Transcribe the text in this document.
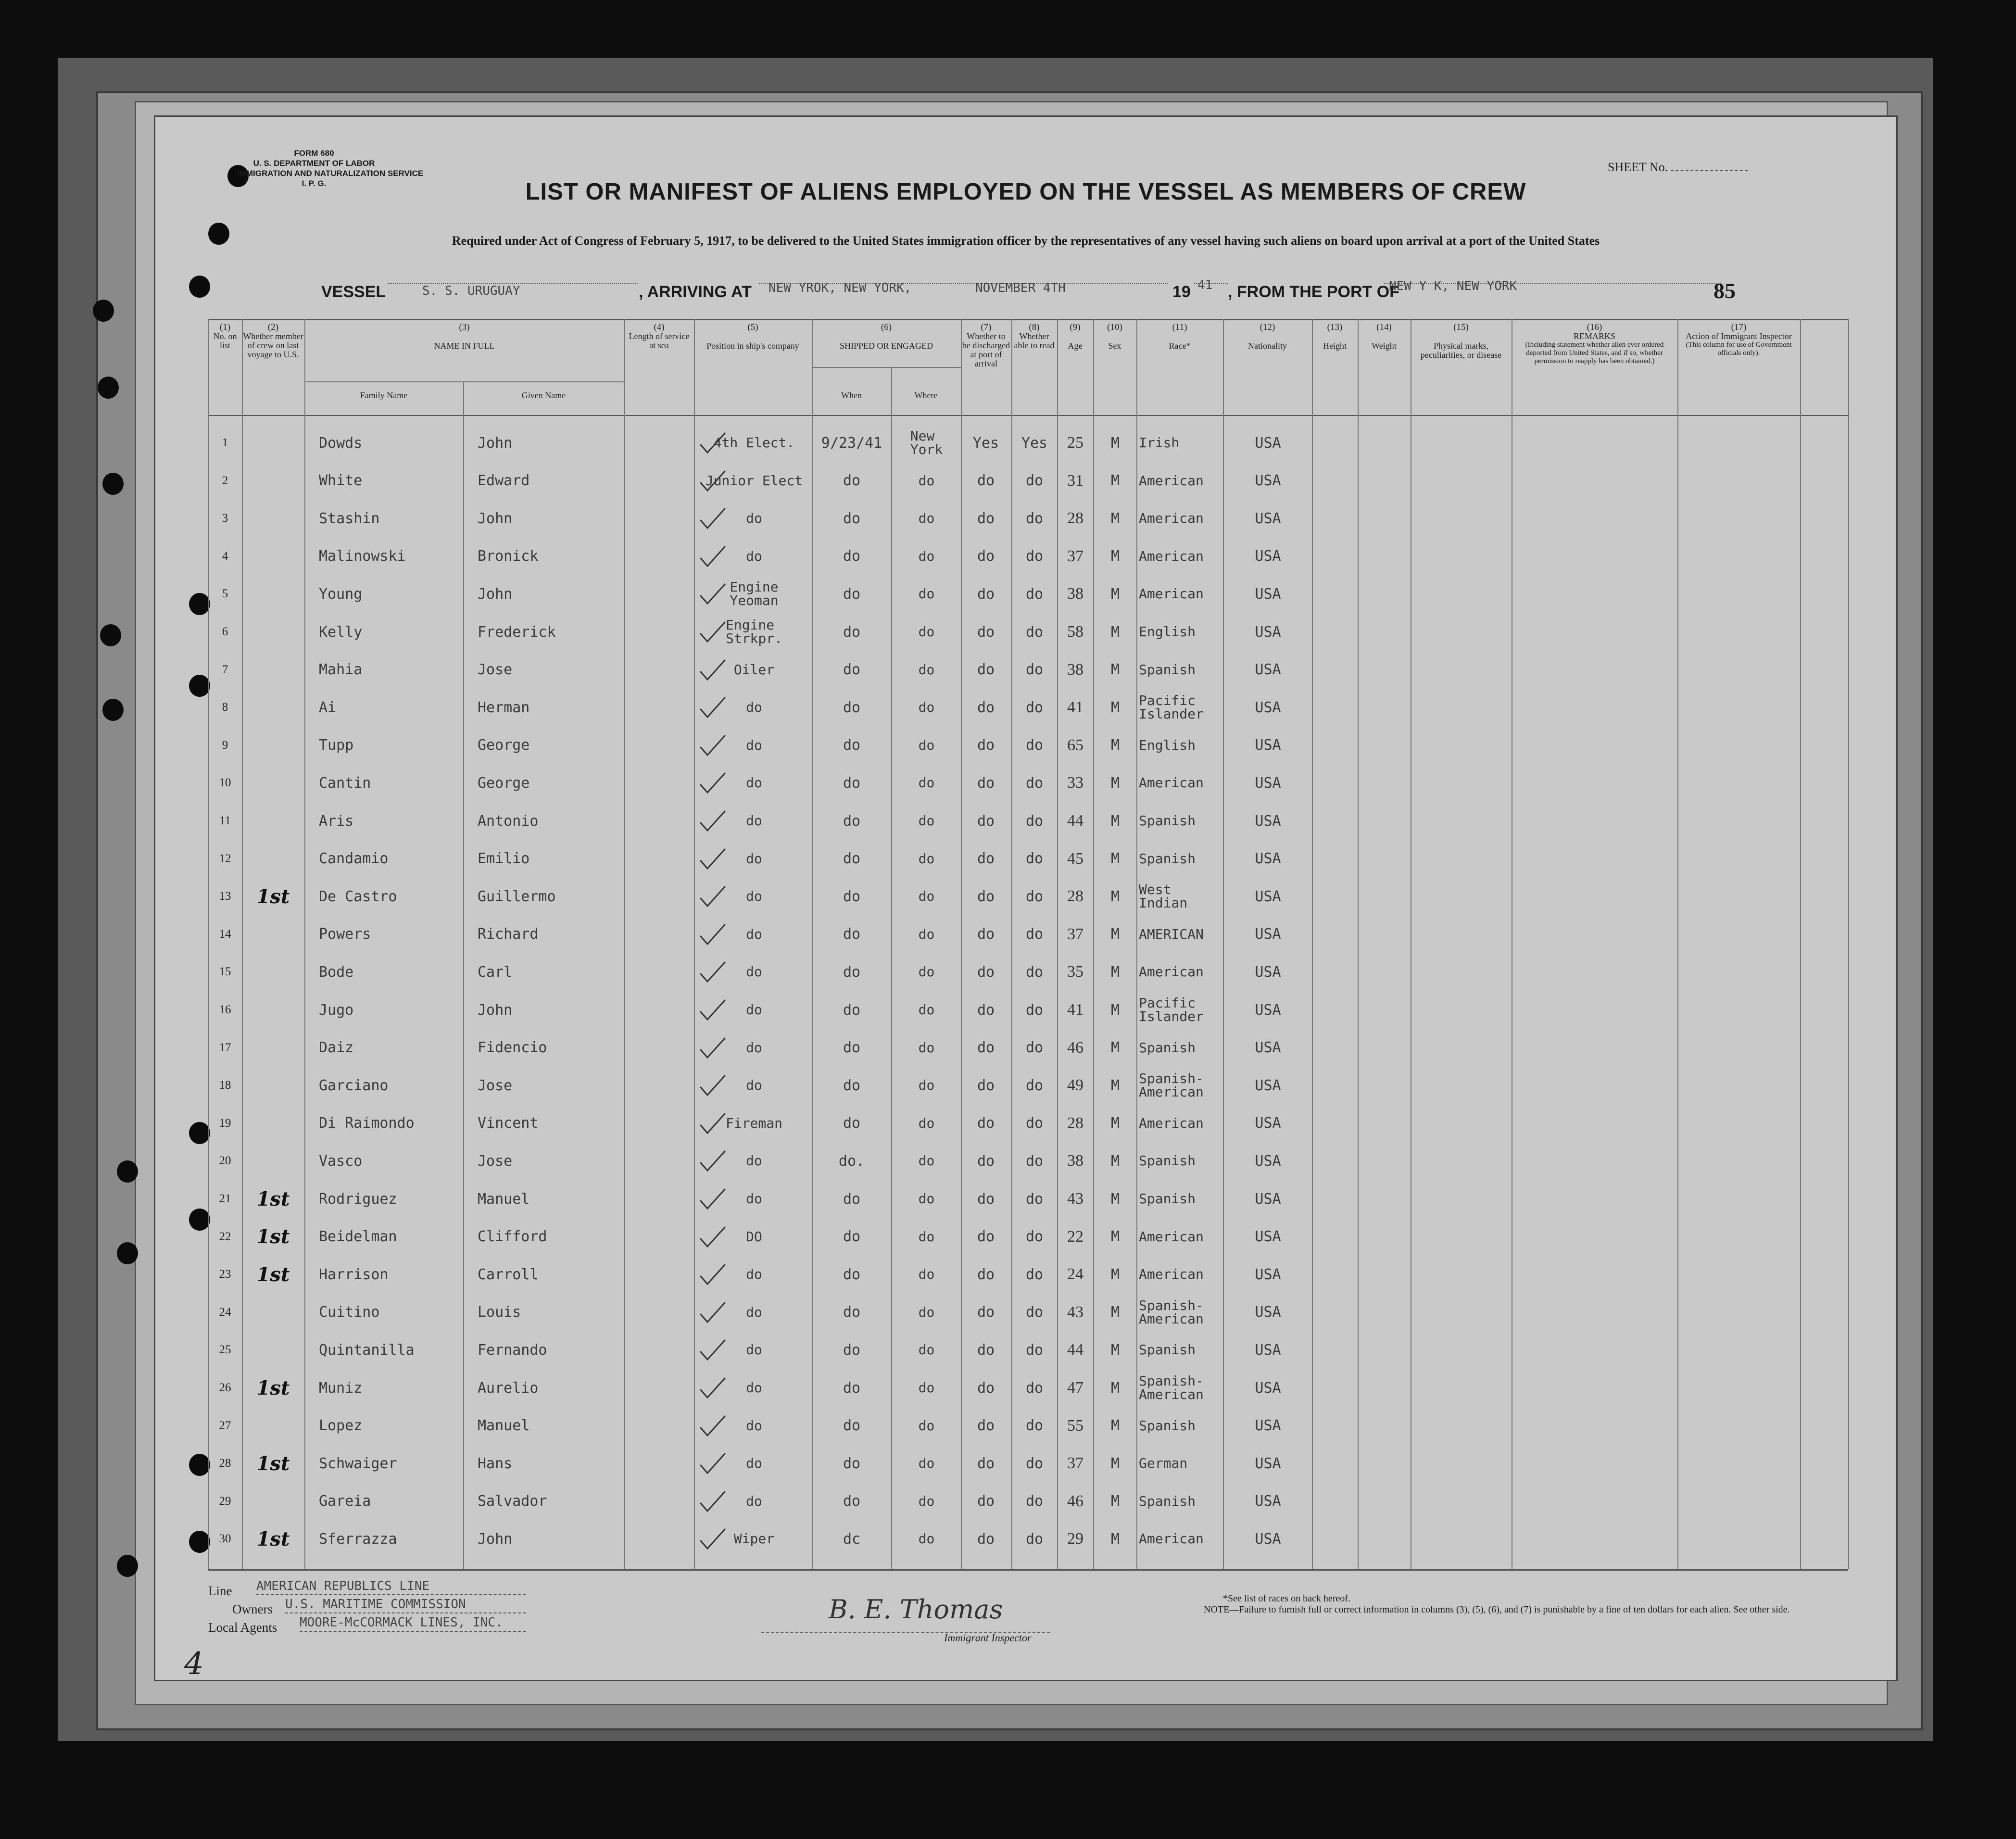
FORM 680
U. S. DEPARTMENT OF LABOR
IMMIGRATION AND NATURALIZATION SERVICE
I. P. G.
SHEET No.
LIST OR MANIFEST OF ALIENS EMPLOYED ON THE VESSEL AS MEMBERS OF CREW
Required under Act of Congress of February 5, 1917, to be delivered to the United States immigration officer by the representatives of any vessel having such aliens on board upon arrival at a port of the United States
VESSEL	S. S. URUGUAY	, ARRIVING AT NEW YROK, NEW YORK,	NOVEMBER 4TH	19 41 , FROM THE PORT OF
NEW Y K, NEW YORK	85
(1)
No. on list
(2)
Whether member of crew on last voyage to U.S.
(3)
NAME IN FULL
Family Name	Given Name
(4)
Length of service at sea
(5)
Position in ship's company
(6)
SHIPPED OR ENGAGED
When	Where
(7)
Whether to be discharged at port of arrival
(8)
Whether able to read
(9)
Age
(10)
Sex
(11)
Race*
(12)
Nationality
(13)
Height
(14)
Weight
(15)
Physical marks, peculiarities, or disease
(16)
REMARKS
(Including statement whether alien ever ordered deported from United States, and if so, whether permission to reapply has been obtained.)
(17)
Action of Immigrant Inspector
(This column for use of Government officials only).
1	Dowds	John	4th Elect.	9/23/41	New
York	Yes	Yes	25	M	Irish	USA
2	White	Edward	Junior Elect	do	do	do	do	31	M	American	USA
3	Stashin	John	do	do	do	do	do	28	M	American	USA
4	Malinowski	Bronick	do	do	do	do	do	37	M	American	USA
5	Young	John	Engine
Yeoman	do	do	do	do	38	M	American	USA
6	Kelly	Frederick	Engine
Strkpr.	do	do	do	do	58	M	English	USA
7	Mahia	Jose	Oiler	do	do	do	do	38	M	Spanish	USA
8	Ai	Herman	do	do	do	do	do	41	M	Pacific
Islander	USA
9	Tupp	George	do	do	do	do	do	65	M	English	USA
10	Cantin	George	do	do	do	do	do	33	M	American	USA
11	Aris	Antonio	do	do	do	do	do	44	M	Spanish	USA
12	Candamio	Emilio	do	do	do	do	do	45	M	Spanish	USA
13	1st	De Castro	Guillermo	do	do	do	do	do	28	M	West
Indian	USA
14	Powers	Richard	do	do	do	do	do	37	M	AMERICAN	USA
15	Bode	Carl	do	do	do	do	do	35	M	American	USA
16	Jugo	John	do	do	do	do	do	41	M	Pacific
Islander	USA
17	Daiz	Fidencio	do	do	do	do	do	46	M	Spanish	USA
18	Garciano	Jose	do	do	do	do	do	49	M	Spanish-
American	USA
19	Di Raimondo	Vincent	Fireman	do	do	do	do	28	M	American	USA
20	Vasco	Jose	do	do.	do	do	do	38	M	Spanish	USA
21	1st	Rodriguez	Manuel	do	do	do	do	do	43	M	Spanish	USA
22	1st	Beidelman	Clifford	DO	do	do	do	do	22	M	American	USA
23	1st	Harrison	Carroll	do	do	do	do	do	24	M	American	USA
24	Cuitino	Louis	do	do	do	do	do	43	M	Spanish-
American	USA
25	Quintanilla	Fernando	do	do	do	do	do	44	M	Spanish	USA
26	1st	Muniz	Aurelio	do	do	do	do	do	47	M	Spanish-
American	USA
27	Lopez	Manuel	do	do	do	do	do	55	M	Spanish	USA
28	1st	Schwaiger	Hans	do	do	do	do	do	37	M	German	USA
29	Gareia	Salvador	do	do	do	do	do	46	M	Spanish	USA
30	1st	Sferrazza	John	Wiper	dc	do	do	do	29	M	American	USA
Line AMERICAN REPUBLICS LINE
Owners U.S. MARITIME COMMISSION
Local Agents MOORE-McCORMACK LINES, INC.	B. E. Thomas
Immigrant Inspector
*See list of races on back hereof.
NOTE—Failure to furnish full or correct information in columns (3), (5), (6), and (7) is punishable by a fine of ten dollars for each alien. See other side.
4
